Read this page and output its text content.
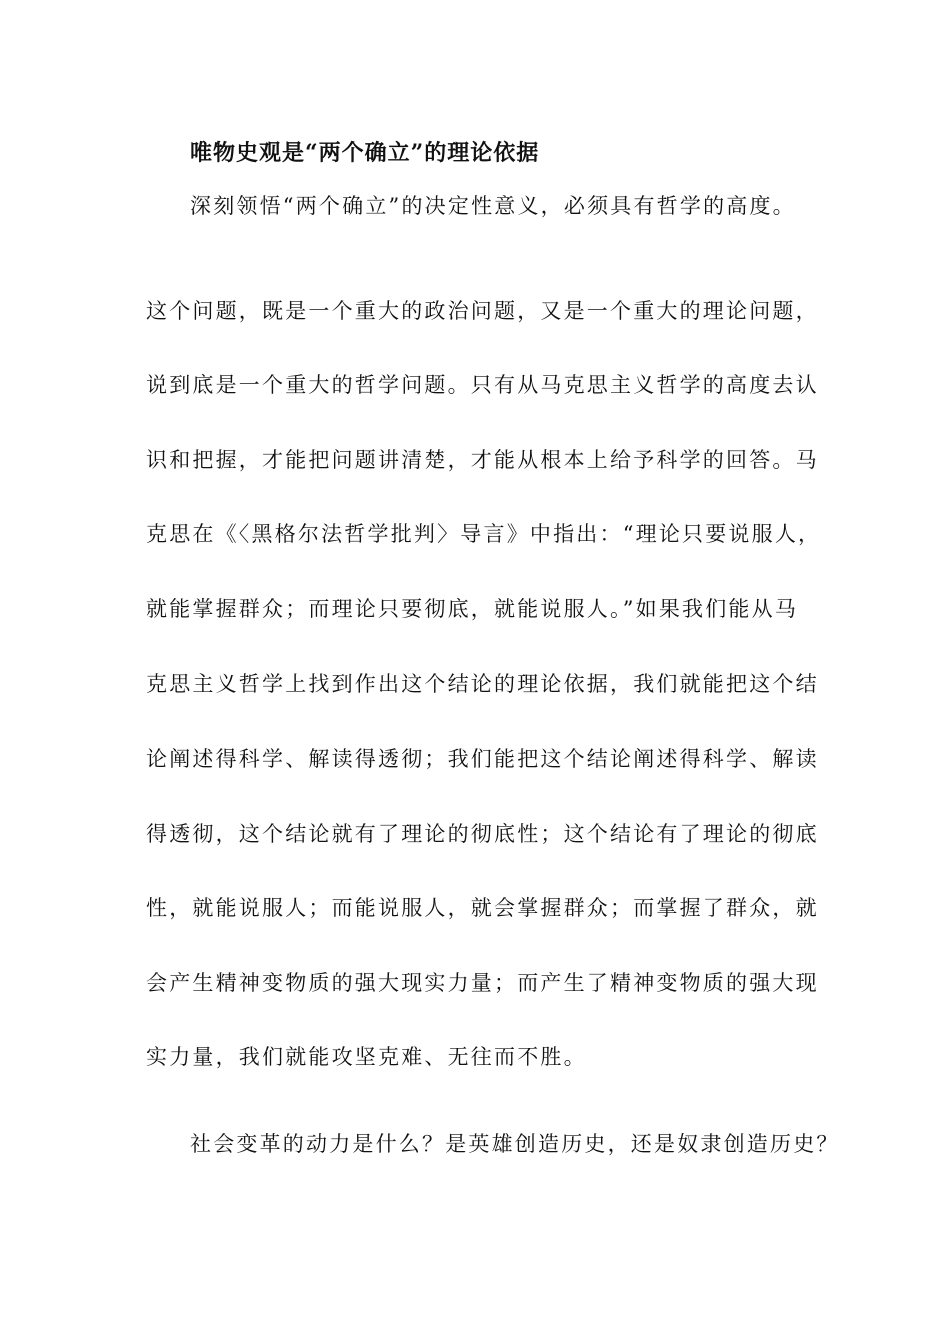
唯物史观是“两个确立”的理论依据
深刻领悟“两个确立”的决定性意义，必须具有哲学的高度。
这个问题，既是一个重大的政治问题，又是一个重大的理论问题，
说到底是一个重大的哲学问题。只有从马克思主义哲学的高度去认
识和把握，才能把问题讲清楚，才能从根本上给予科学的回答。马
克思在《〈黑格尔法哲学批判〉导言》中指出：“理论只要说服人，
就能掌握群众；而理论只要彻底，就能说服人。”如果我们能从马
克思主义哲学上找到作出这个结论的理论依据，我们就能把这个结
论阐述得科学、解读得透彻；我们能把这个结论阐述得科学、解读
得透彻，这个结论就有了理论的彻底性；这个结论有了理论的彻底
性，就能说服人；而能说服人，就会掌握群众；而掌握了群众，就
会产生精神变物质的强大现实力量；而产生了精神变物质的强大现
实力量，我们就能攻坚克难、无往而不胜。
社会变革的动力是什么？是英雄创造历史，还是奴隶创造历史？
